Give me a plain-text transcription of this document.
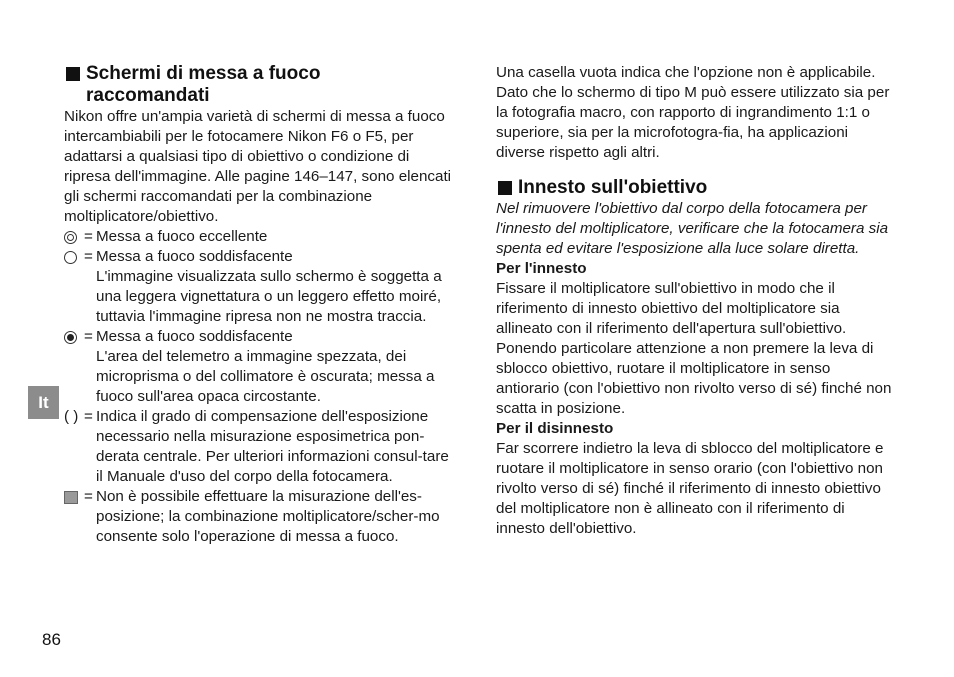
Schermi di messa a fuoco
raccomandati

Nikon offre un'ampia varietà di schermi di messa a fuoco intercambiabili per le fotocamere Nikon F6 o F5, per adattarsi a qualsiasi tipo di obiettivo o condizione di ripresa dell'immagine. Alle pagine 146–147, sono elencati gli schermi raccomandati per la combinazione moltiplicatore/obiettivo.

= Messa a fuoco eccellente
= Messa a fuoco soddisfacente

L'immagine visualizzata sullo schermo è soggetta a una leggera vignettatura o un leggero effetto moiré, tuttavia l'immagine ripresa non ne mostra traccia.

= Messa a fuoco soddisfacente

L'area del telemetro a immagine spezzata, dei microprisma o del collimatore è oscurata; messa a fuoco sull'area opaca circostante.

( ) = Indica il grado di compensazione dell'esposizione necessario nella misurazione esposimetrica pon-derata centrale. Per ulteriori informazioni consul-tare il Manuale d'uso del corpo della fotocamera.
= Non è possibile effettuare la misurazione dell'es-posizione; la combinazione moltiplicatore/scher-mo consente solo l'operazione di messa a fuoco.

Una casella vuota indica che l'opzione non è applicabile. Dato che lo schermo di tipo M può essere utilizzato sia per la fotografia macro, con rapporto di ingrandimento 1:1 o superiore, sia per la microfotogra-fia, ha applicazioni diverse rispetto agli altri.

Innesto sull'obiettivo

Nel rimuovere l'obiettivo dal corpo della fotocamera per l'innesto del moltiplicatore, verificare che la fotocamera sia spenta ed evitare l'esposizione alla luce solare diretta.

Per l'innesto

Fissare il moltiplicatore sull'obiettivo in modo che il riferimento di innesto obiettivo del moltiplicatore sia allineato con il riferimento dell'apertura sull'obiettivo. Ponendo particolare attenzione a non premere la leva di sblocco obiettivo, ruotare il moltiplicatore in senso antiorario (con l'obiettivo non rivolto verso di sé) finché non scatta in posizione.

Per il disinnesto

Far scorrere indietro la leva di sblocco del moltiplicatore e ruotare il moltiplicatore in senso orario (con l'obiettivo non rivolto verso di sé) finché il riferimento di innesto obiettivo del moltiplicatore non è allineato con il riferimento di innesto dell'obiettivo.

It
86
